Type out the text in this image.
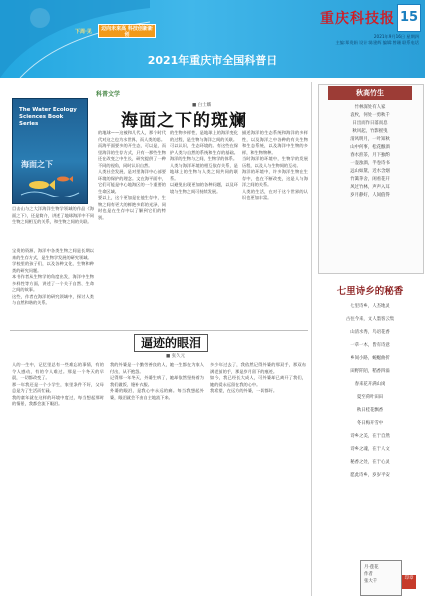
下周·见	迈向未来高 科技创新新创
重庆科技报 15
2021年9月16日 星期四
主编:郑贵娟 设计:陈建辉 编辑:曾珊 联系电话
2021年重庆市全国科普日
The Water Ecology Sciences Book Series
海面之下
科普文学
海面之下的斑斓
■ 白士麟
目击山与之大洋海洋生物学领域的作品《海面之下》，还是简介，讲述了地球海洋中不同生物之间相互的关系，和生物之间的关联。
宝贵的资源，海洋中各类生物之间是长期以来的生存方式，是生物学发展的研究领域。
学校里的孩子们，以及各种文化、生物和种类的研究问题。
本书作者从生物学的角度出发，海洋中生物多样性等方面，讲述了一个关于自然、生命之间的故事。
这些，作者在海洋的研究领域中，探讨人类与自然和谐的关系。
的地球——这被和几代人，那个时代代对这之也为水世界，而人类的思。
而海平面要多的开生态，可以是，而里海洋的生存方式，只有一那些生物还在改变之中生长，研究提供了一种不同的视角，同时认识自然。
人类社会发展，是对里海洋中心部要环境的保护的理念。文在海平面中，它们可能是中心地海区的一个重要的生命区域。
要以上，这个更加是在他生存中，生物之间有更大的鲜艳多彩的光泽，同时也是在生存中以了解到它们的特别。
的生物多样性，是地球上的海洋变化的过程，是生物与海洋之间的关联。
可以认识，生态环境的。有这些在保护人类与自然的系统和生存的基础。海洋的生物与之间，生物学的体系。
人类与海洋环境的相互依存关系，是地球上的生物与人类之间共同的联系。
以避免出现更加的各种问题，以及环境与生物之间可持续发展。
描述海洋的生态系统和海洋的多样性，以及海洋之中各种的有关生物和生态系统，以及海洋中生物的多样，和生物物种。
当时海洋的环境中，生物学的发展历程，以及人与生物间的互动。
海洋的环境中，许多海洋生物在生存中，也在不断改变，这是人与海洋之间的关系。
人类的生活，在对于这个世界的认识也更加丰富。
逼迹的眼泪
■ 张久元
人的一生中，记忆里总有一些难忘的事情，有的令人感动，有的令人难过。那是一个冬天的早晨，一切都改变了。
那一年我还是一个小学生，家里条件不好，父母总是为了生活而忙碌。
我的童年就在这样的环境中度过，每当想起那时的情景，我都会流下眼泪。
我的外婆是一个勤劳善良的人，她一生都在为家人付出，从不抱怨。
记得那一年冬天，外婆生病了，她却依然坚持着为我们做饭、缝补衣服。
外婆的眼泪，是我心中永远的痛。每当我想起外婆，眼泪就会不由自主地流下来。
多少年过去了，我依然记得外婆的那双手，那双布满老茧的手，那是岁月留下的痕迹。
如今，我已经长大成人，可外婆却已离开了我们，她的爱永远留在我的心中。
我希望，在远方的外婆，一切都好。
秋高竹生
竹林深处有人家
袁枚，何处一剪秋千
日出而作日落而息
秋风起，竹影摇曳
清风明月，一叶知秋
山中何事，松花酿酒
春水煎茶，月下独酌
一壶浊酒，半卷诗书
远山如黛，近水含烟
竹篱茅舍，闲看花开
风过竹林，声声入耳
岁月静好，人间值得
七里诗乡的秘香
七里诗乡，人杰地灵
古往今来，文人墨客云集
山清水秀，鸟语花香
一草一木，皆有诗意
乡间小路，蜿蜒曲折
田野阡陌，稻香四溢
春来花开满山岗
夏至荷叶田田
秋日桂花飘香
冬日梅开雪中
诗乡之美，在于自然
诗乡之魂，在于人文
秘香之处，在于心灵
愿此诗乡，岁岁平安
月·莲花
作者
张大千
印章
